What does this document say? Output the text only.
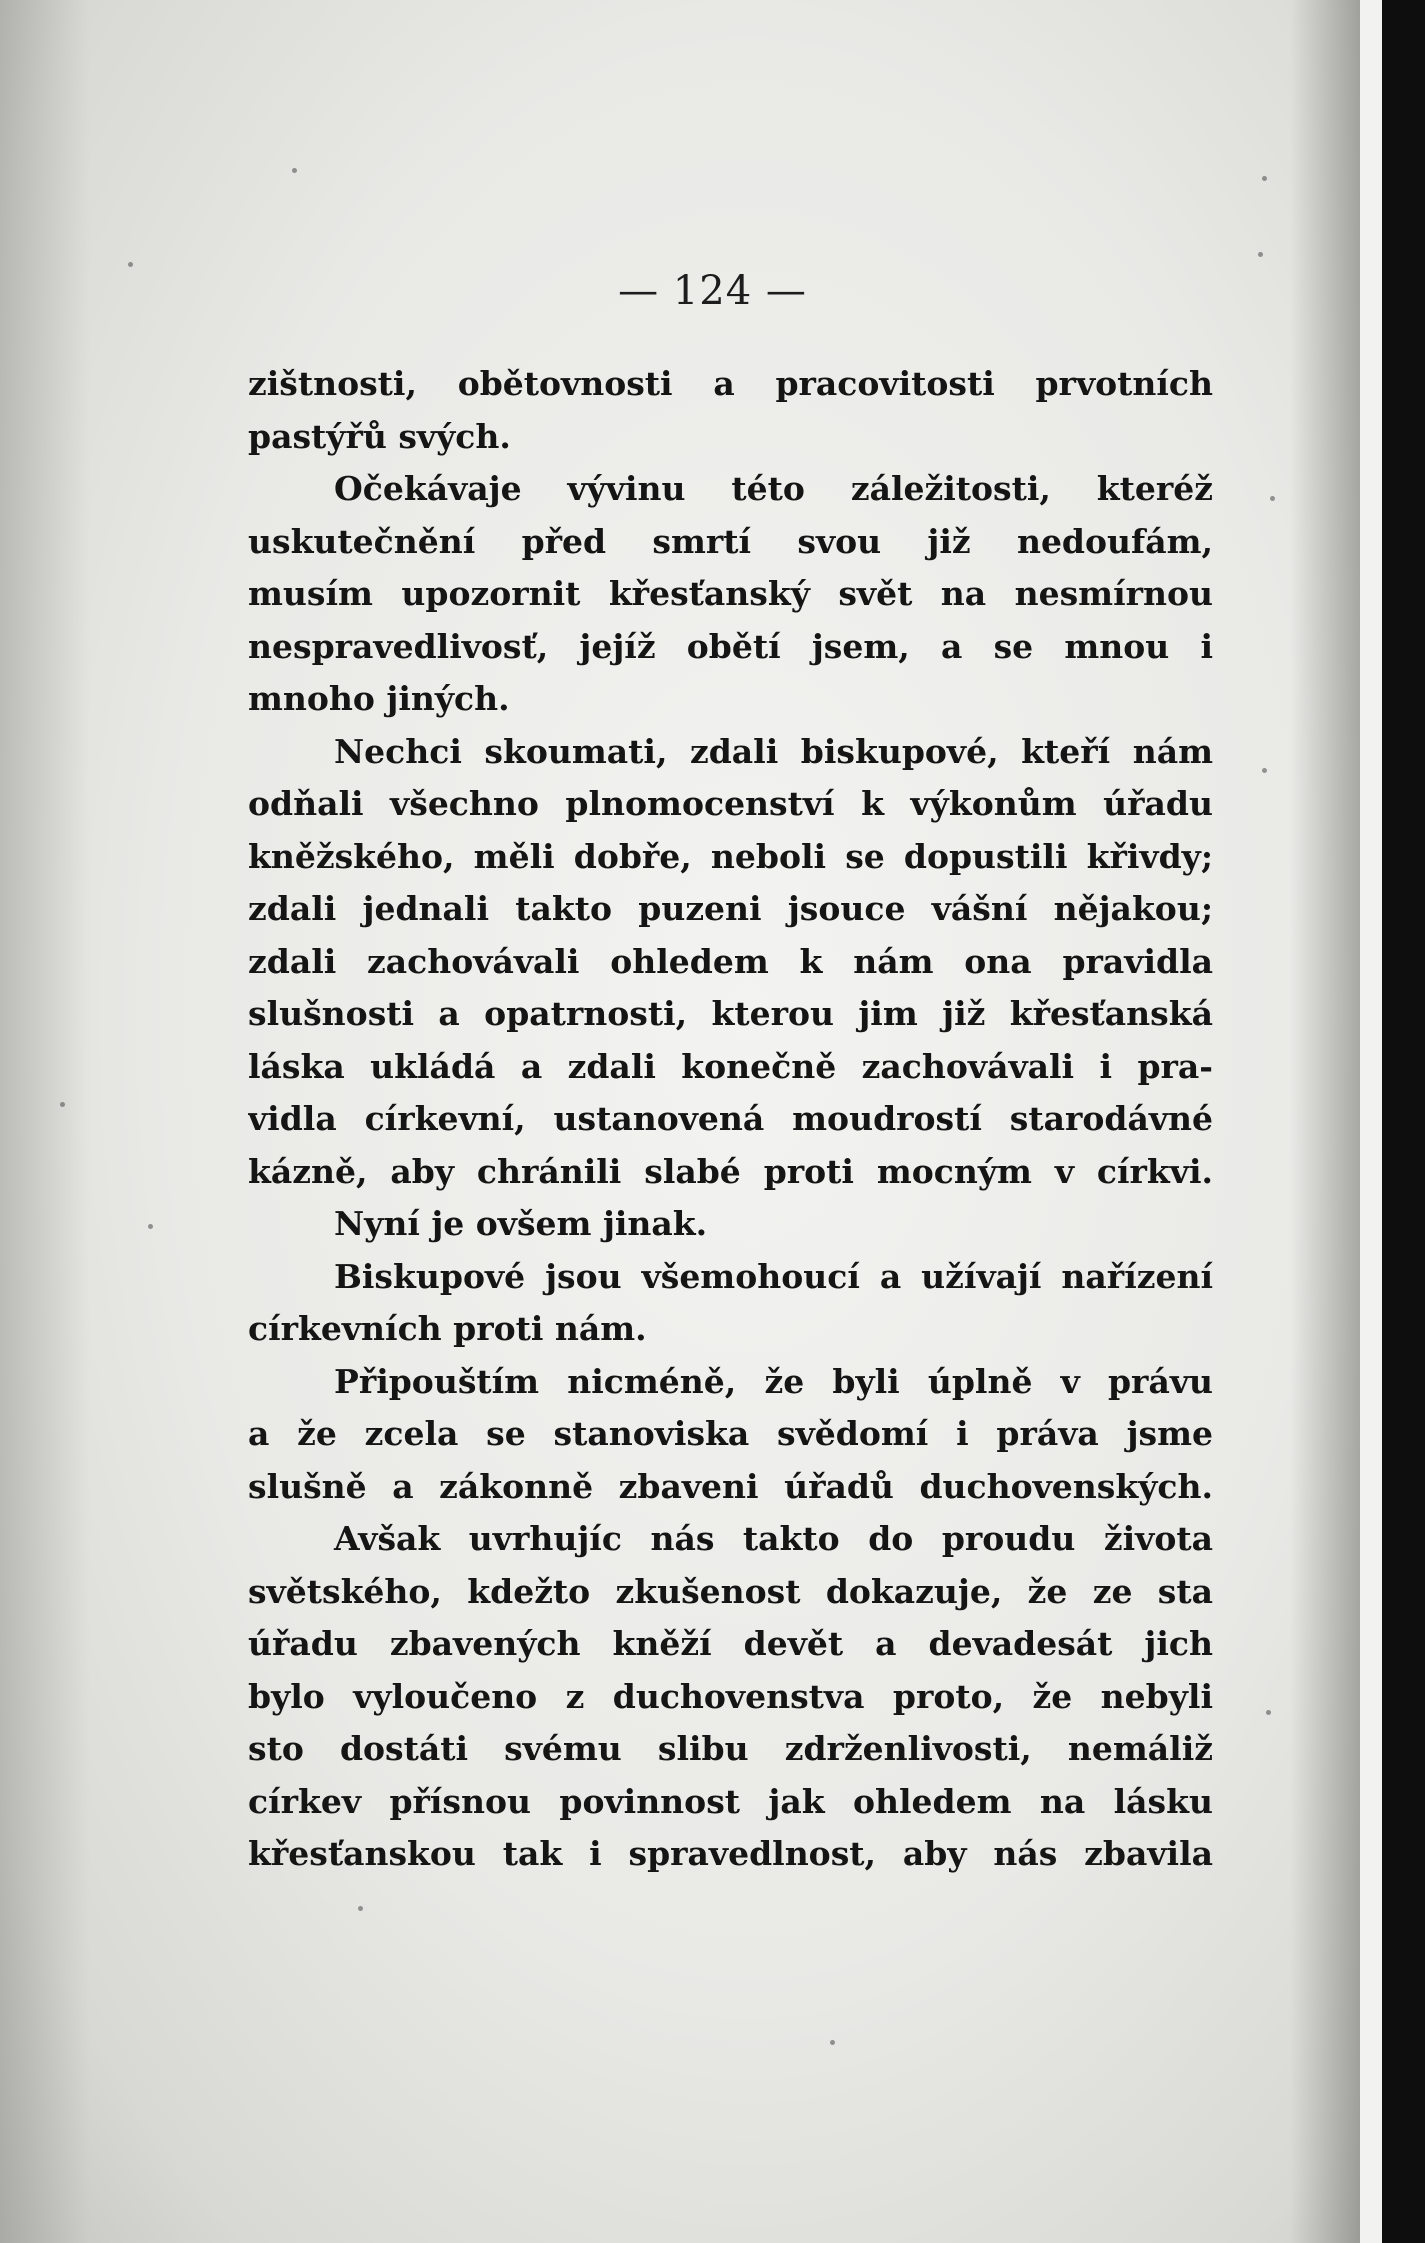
— 124 —
zištnosti, obětovnosti a pracovitosti prvotních
pastýřů svých.
Očekávaje vývinu této záležitosti, kteréž
uskutečnění před smrtí svou již nedoufám,
musím upozornit křesťanský svět na nesmírnou
nespravedlivosť, jejíž obětí jsem, a se mnou i
mnoho jiných.
Nechci skoumati, zdali biskupové, kteří nám
odňali všechno plnomocenství k výkonům úřadu
kněžského, měli dobře, neboli se dopustili křivdy;
zdali jednali takto puzeni jsouce vášní nějakou;
zdali zachovávali ohledem k nám ona pravidla
slušnosti a opatrnosti, kterou jim již křesťanská
láska ukládá a zdali konečně zachovávali i pra-
vidla církevní, ustanovená moudrostí starodávné
kázně, aby chránili slabé proti mocným v církvi.
Nyní je ovšem jinak.
Biskupové jsou všemohoucí a užívají nařízení
církevních proti nám.
Připouštím nicméně, že byli úplně v právu
a že zcela se stanoviska svědomí i práva jsme
slušně a zákonně zbaveni úřadů duchovenských.
Avšak uvrhujíc nás takto do proudu života
světského, kdežto zkušenost dokazuje, že ze sta
úřadu zbavených kněží devět a devadesát jich
bylo vyloučeno z duchovenstva proto, že nebyli
sto dostáti svému slibu zdrženlivosti, nemáliž
církev přísnou povinnost jak ohledem na lásku
křesťanskou tak i spravedlnost, aby nás zbavila
